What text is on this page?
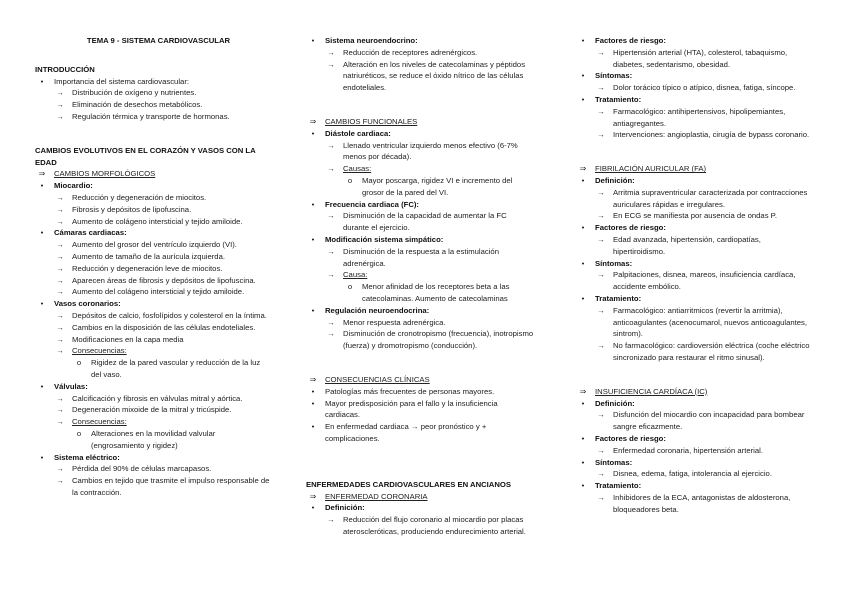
TEMA 9 - SISTEMA CARDIOVASCULAR
INTRODUCCIÓN
•	Importancia del sistema cardiovascular:
→	Distribución de oxígeno y nutrientes.
→	Eliminación de desechos metabólicos.
→	Regulación térmica y transporte de hormonas.
CAMBIOS EVOLUTIVOS EN EL CORAZÓN Y VASOS CON LA EDAD
⇒	CAMBIOS MORFOLÓGICOS
•	Miocardio:
→	Reducción y degeneración de miocitos.
→	Fibrosis y depósitos de lipofuscina.
→	Aumento de colágeno intersticial y tejido amiloide.
•	Cámaras cardiacas:
→	Aumento del grosor del ventrículo izquierdo (VI).
→	Aumento de tamaño de la aurícula izquierda.
→	Reducción y degeneración leve de miocitos.
→	Aparecen áreas de fibrosis y depósitos de lipofuscina.
→	Aumento del colágeno intersticial y tejido amiloide.
•	Vasos coronarios:
→	Depósitos de calcio, fosfolípidos y colesterol en la íntima.
→	Cambios en la disposición de las células endoteliales.
→	Modificaciones en la capa media
→	Consecuencias:
o	Rigidez de la pared vascular y reducción de la luz del vaso.
•	Válvulas:
→	Calcificación y fibrosis en válvulas mitral y aórtica.
→	Degeneración mixoide de la mitral y tricúspide.
→	Consecuencias:
o	Alteraciones en la movilidad valvular (engrosamiento y rigidez)
•	Sistema eléctrico:
→	Pérdida del 90% de células marcapasos.
→	Cambios en tejido que trasmite el impulso responsable de la contracción.
•	Sistema neuroendocrino:
→	Reducción de receptores adrenérgicos.
→	Alteración en los niveles de catecolaminas y péptidos natriuréticos, se reduce el óxido nítrico de las células endoteliales.
⇒	CAMBIOS FUNCIONALES
•	Diástole cardiaca:
→	Llenado ventricular izquierdo menos efectivo (6-7% menos por década).
→	Causas:
o	Mayor poscarga, rigidez VI e incremento del grosor de la pared del VI.
•	Frecuencia cardiaca (FC):
→	Disminución de la capacidad de aumentar la FC durante el ejercicio.
•	Modificación sistema simpático:
→	Disminución de la respuesta a la estimulación adrenérgica.
→	Causa:
o	Menor afinidad de los receptores beta a las catecolaminas. Aumento de catecolaminas
•	Regulación neuroendocrina:
→	Menor respuesta adrenérgica.
→	Disminución de cronotropismo (frecuencia), inotropismo (fuerza) y dromotropismo (conducción).
⇒	CONSECUENCIAS CLÍNICAS
•	Patologías más frecuentes de personas mayores.
•	Mayor predisposición para el fallo y la insuficiencia cardiacas.
•	En enfermedad cardiaca → peor pronóstico y + complicaciones.
ENFERMEDADES CARDIOVASCULARES EN ANCIANOS
⇒	ENFERMEDAD CORONARIA
•	Definición:
→	Reducción del flujo coronario al miocardio por placas ateroscleróticas, produciendo endurecimiento arterial.
•	Factores de riesgo:
→	Hipertensión arterial (HTA), colesterol, tabaquismo, diabetes, sedentarismo, obesidad.
•	Síntomas:
→	Dolor torácico típico o atípico, disnea, fatiga, síncope.
•	Tratamiento:
→	Farmacológico: antihipertensivos, hipolipemiantes, antiagregantes.
→	Intervenciones: angioplastia, cirugía de bypass coronario.
⇒	FIBRILACIÓN AURICULAR (FA)
•	Definición:
→	Arritmia supraventricular caracterizada por contracciones auriculares rápidas e irregulares.
→	En ECG se manifiesta por ausencia de ondas P.
•	Factores de riesgo:
→	Edad avanzada, hipertensión, cardiopatías, hipertiroidismo.
•	Síntomas:
→	Palpitaciones, disnea, mareos, insuficiencia cardíaca, accidente embólico.
•	Tratamiento:
→	Farmacológico: antiarritmicos (revertir la arritmia), anticoagulantes (acenocumarol, nuevos anticoagulantes, sintrom).
→	No farmacológico: cardioversión eléctrica (coche eléctrico sincronizado para restaurar el ritmo sinusal).
⇒	INSUFICIENCIA CARDÍACA (IC)
•	Definición:
→	Disfunción del miocardio con incapacidad para bombear sangre eficazmente.
•	Factores de riesgo:
→	Enfermedad coronaria, hipertensión arterial.
•	Síntomas:
→	Disnea, edema, fatiga, intolerancia al ejercicio.
•	Tratamiento:
→	Inhibidores de la ECA, antagonistas de aldosterona, bloqueadores beta.
